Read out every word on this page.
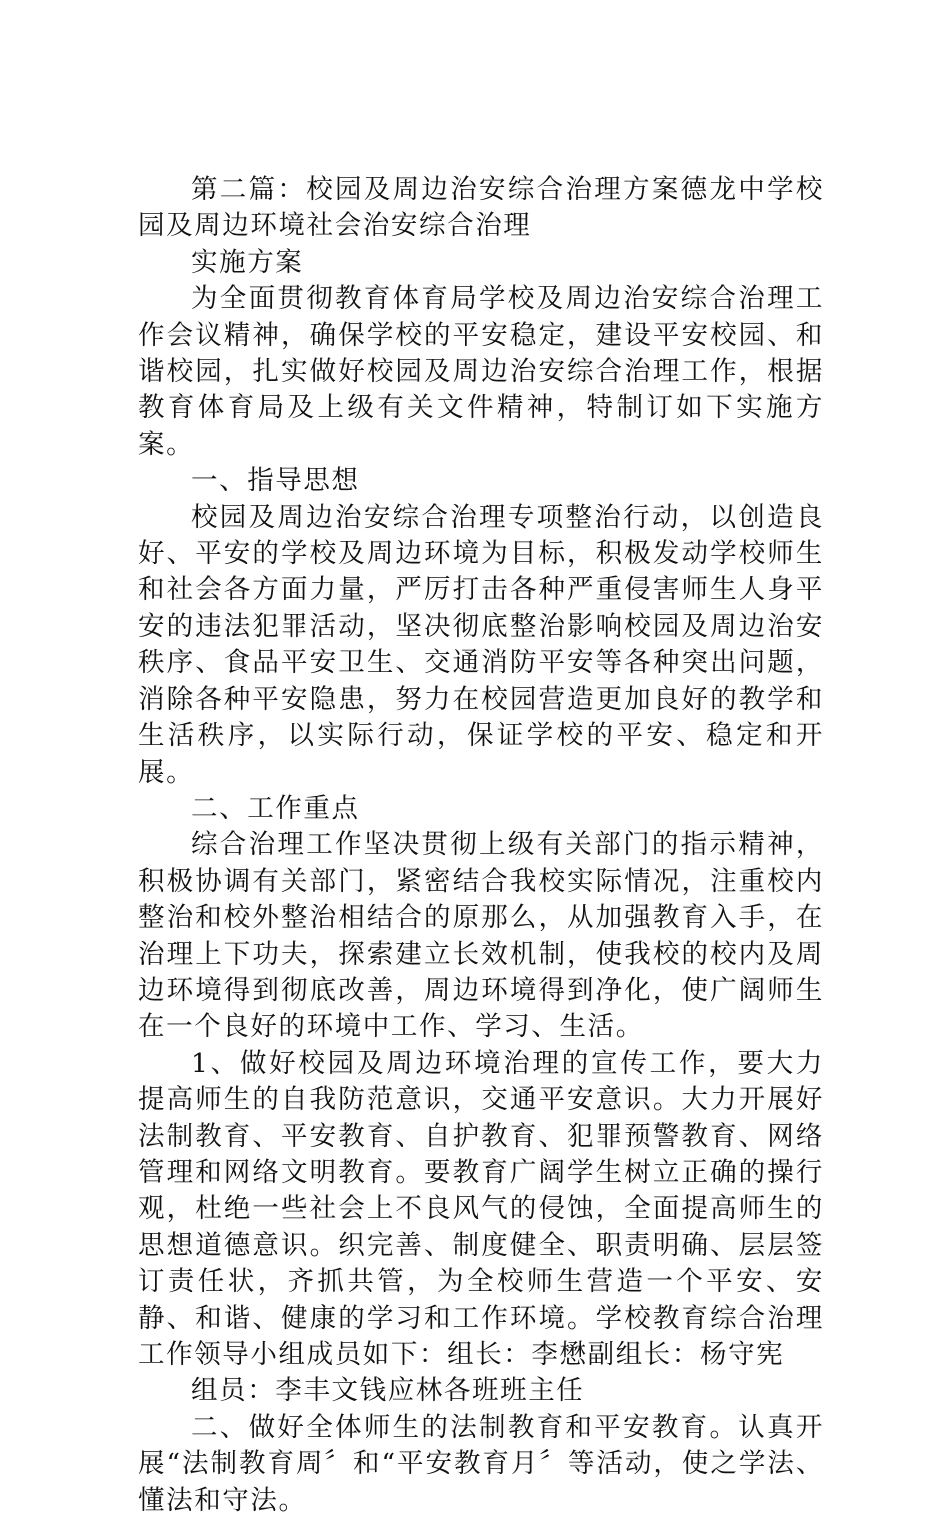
第二篇：校园及周边治安综合治理方案德龙中学校园及周边环境社会治安综合治理

实施方案

为全面贯彻教育体育局学校及周边治安综合治理工作会议精神，确保学校的平安稳定，建设平安校园、和谐校园，扎实做好校园及周边治安综合治理工作，根据教育体育局及上级有关文件精神，特制订如下实施方案。

一、指导思想

校园及周边治安综合治理专项整治行动，以创造良好、平安的学校及周边环境为目标，积极发动学校师生和社会各方面力量，严厉打击各种严重侵害师生人身平安的违法犯罪活动，坚决彻底整治影响校园及周边治安秩序、食品平安卫生、交通消防平安等各种突出问题，消除各种平安隐患，努力在校园营造更加良好的教学和生活秩序，以实际行动，保证学校的平安、稳定和开展。

二、工作重点

综合治理工作坚决贯彻上级有关部门的指示精神，积极协调有关部门，紧密结合我校实际情况，注重校内整治和校外整治相结合的原那么，从加强教育入手，在治理上下功夫，探索建立长效机制，使我校的校内及周边环境得到彻底改善，周边环境得到净化，使广阔师生在一个良好的环境中工作、学习、生活。

1、做好校园及周边环境治理的宣传工作，要大力提高师生的自我防范意识，交通平安意识。大力开展好法制教育、平安教育、自护教育、犯罪预警教育、网络管理和网络文明教育。要教育广阔学生树立正确的操行观，杜绝一些社会上不良风气的侵蚀，全面提高师生的思想道德意识。织完善、制度健全、职责明确、层层签订责任状，齐抓共管，为全校师生营造一个平安、安静、和谐、健康的学习和工作环境。学校教育综合治理工作领导小组成员如下：组长：李懋副组长：杨守宪

组员：李丰文钱应林各班班主任

二、做好全体师生的法制教育和平安教育。认真开展“法制教育周〞和“平安教育月〞等活动，使之学法、懂法和守法。
